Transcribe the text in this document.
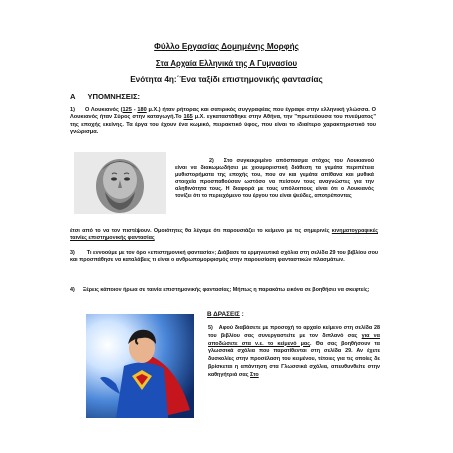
Φύλλο Εργασίας Δομημένης Μορφής
Στα Αρχαία Ελληνικά της Α Γυμνασίου
Ενότητα 4η:΄Ένα ταξίδι επιστημονικής φαντασίας
Α ΥΠΟΜΝΗΣΕΙΣ:
1) Ο Λουκιανός (125 - 180 μ.Χ.) ήταν ρήτορας και σατιρικός συγγραφέας που έγραφε στην ελληνική γλώσσα. Ο Λουκιανός ήταν Σύρος στην καταγωγή.Το 165 μ.Χ. εγκαταστάθηκε στην Αθήνα, την "πρωτεύουσα του πνεύματος" της εποχής εκείνης. Τα έργα του έχουν ένα κωμικό, πειρακτικό ύφος, που είναι το ιδιαίτερο χαρακτηριστικό του γνώρισμα.
2) Στο συγκεκριμένο απόσπασμα στόχος του Λουκιανού είναι να διακωμωδήσει με χιουμοριστική διάθεση τα γεμάτα περιπέτεια μυθιστορήματα της εποχής του, που αν και γεμάτα απίθανα και μυθικά στοιχεία προσπαθούσαν ωστόσο να πείσουν τους αναγνώστες για την αληθινότητα τους. Η διαφορά με τους υπόλοιπους είναι ότι ο Λουκιανός τονίζει ότι το περιεχόμενο του έργου του είναι ψεύδες, αποτρέποντας
έτσι από το να τον πιστέψουν. Ομοιότητες θα λέγαμε ότι παρουσιάζει το κείμενο με τις σημερινές κινηματογραφικές ταινίες επιστημονικής φαντασίας
3) Τι εννοούμε με τον όρο «επιστημονική φαντασία»; Διάβασε τα ερμηνευτικά σχόλια στη σελίδα 29 του βιβλίου σου και προσπάθησε να καταλάβεις τι είναι ο ανθρωπομορφισμός στην παρουσίαση φανταστικών πλασμάτων.
4) Ξέρεις κάποιον ήρωα σε ταινία επιστημονικής φαντασίας; Μήπως η παρακάτω εικόνα σε βοηθήσει να σκεφτείς;
Β ΔΡΑΣΕΙΣ :
5) Αφού διαβάσετε με προσοχή το αρχαίο κείμενο στη σελίδα 28 του βιβλίου σας συνεργαστείτε με τον διπλανό σας για να αποδώσετε στα ν.ε. το κείμενό μας. Θα σας βοηθήσουν τα γλωσσικά σχόλια που παρατίθενται στη σελίδα 29. Αν έχετε δυσκολίες στην προσέλαση του κειμένου, τέτοιες για τις οποίες δε βρίσκεται η απάντηση στα Γλωσσικά σχόλια, απευθυνθείτε στην καθηγήτριά σας Στο
